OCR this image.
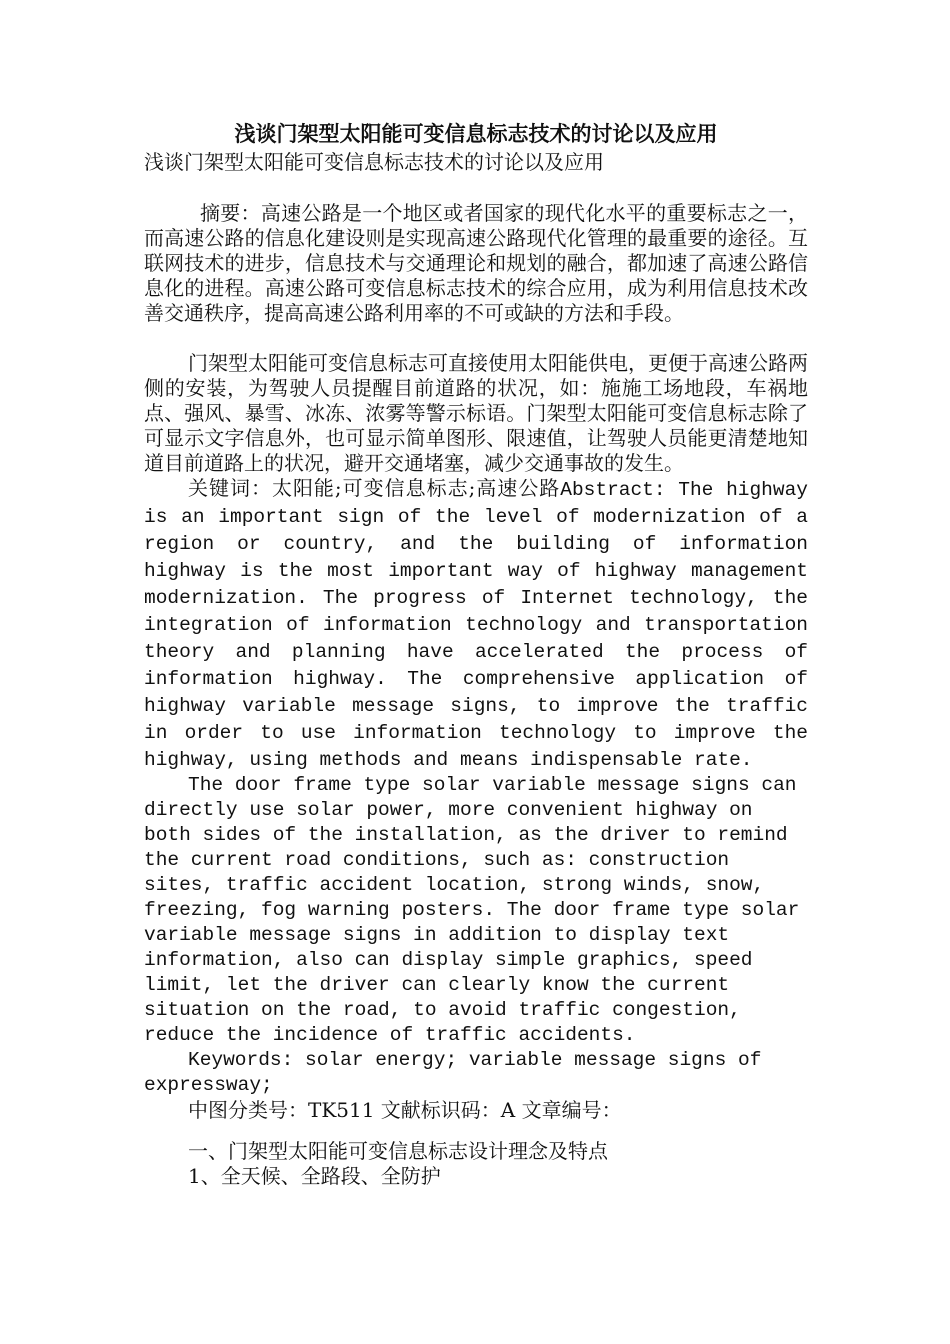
浅谈门架型太阳能可变信息标志技术的讨论以及应用

浅谈门架型太阳能可变信息标志技术的讨论以及应用

摘要：高速公路是一个地区或者国家的现代化水平的重要标志之一，而高速公路的信息化建设则是实现高速公路现代化管理的最重要的途径。互联网技术的进步，信息技术与交通理论和规划的融合，都加速了高速公路信息化的进程。高速公路可变信息标志技术的综合应用，成为利用信息技术改善交通秩序，提高高速公路利用率的不可或缺的方法和手段。

门架型太阳能可变信息标志可直接使用太阳能供电，更便于高速公路两侧的安装，为驾驶人员提醒目前道路的状况，如：施施工场地段，车祸地点、强风、暴雪、冰冻、浓雾等警示标语。门架型太阳能可变信息标志除了可显示文字信息外，也可显示简单图形、限速值，让驾驶人员能更清楚地知道目前道路上的状况，避开交通堵塞，减少交通事故的发生。

关键词：太阳能;可变信息标志;高速公路Abstract: The highway is an important sign of the level of modernization of a region or country, and the building of information highway is the most important way of highway management modernization. The progress of Internet technology, the integration of information technology and transportation theory and planning have accelerated the process of information highway. The comprehensive application of highway variable message signs, to improve the traffic in order to use information technology to improve the highway, using methods and means indispensable rate.

The door frame type solar variable message signs can directly use solar power, more convenient highway on both sides of the installation, as the driver to remind the current road conditions, such as: construction sites, traffic accident location, strong winds, snow, freezing, fog warning posters. The door frame type solar variable message signs in addition to display text information, also can display simple graphics, speed limit, let the driver can clearly know the current situation on the road, to avoid traffic congestion, reduce the incidence of traffic accidents.

Keywords: solar energy; variable message signs of expressway;

中图分类号：TK511 文献标识码：A 文章编号：

一、门架型太阳能可变信息标志设计理念及特点

1、全天候、全路段、全防护
